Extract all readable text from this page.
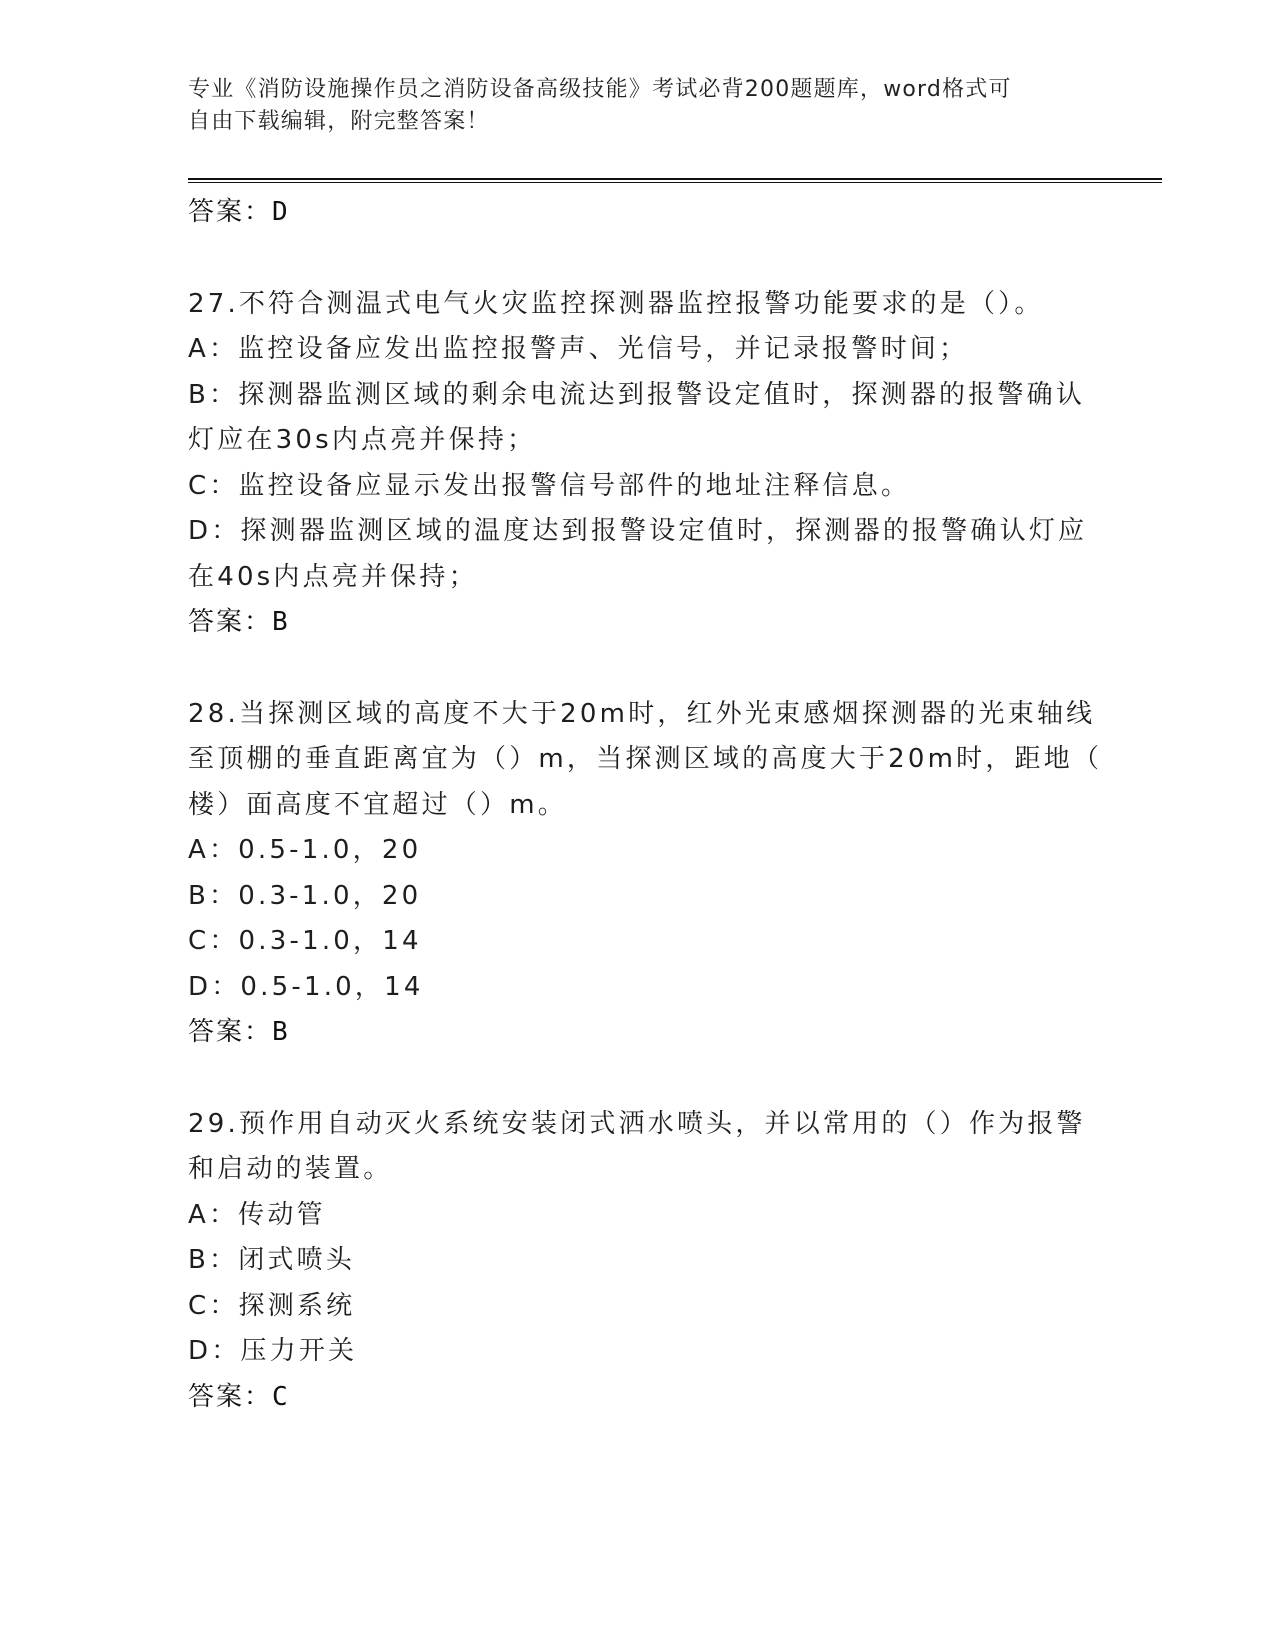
专业《消防设施操作员之消防设备高级技能》考试必背200题题库，word格式可
自由下载编辑，附完整答案！
答案：D
27.不符合测温式电气火灾监控探测器监控报警功能要求的是（）。
A：监控设备应发出监控报警声、光信号，并记录报警时间；
B：探测器监测区域的剩余电流达到报警设定值时，探测器的报警确认
灯应在30s内点亮并保持；
C：监控设备应显示发出报警信号部件的地址注释信息。
D：探测器监测区域的温度达到报警设定值时，探测器的报警确认灯应
在40s内点亮并保持；
答案：B
28.当探测区域的高度不大于20m时，红外光束感烟探测器的光束轴线
至顶棚的垂直距离宜为（）m，当探测区域的高度大于20m时，距地（
楼）面高度不宜超过（）m。
A：0.5-1.0，20
B：0.3-1.0，20
C：0.3-1.0，14
D：0.5-1.0，14
答案：B
29.预作用自动灭火系统安装闭式洒水喷头，并以常用的（）作为报警
和启动的装置。
A：传动管
B：闭式喷头
C：探测系统
D：压力开关
答案：C
